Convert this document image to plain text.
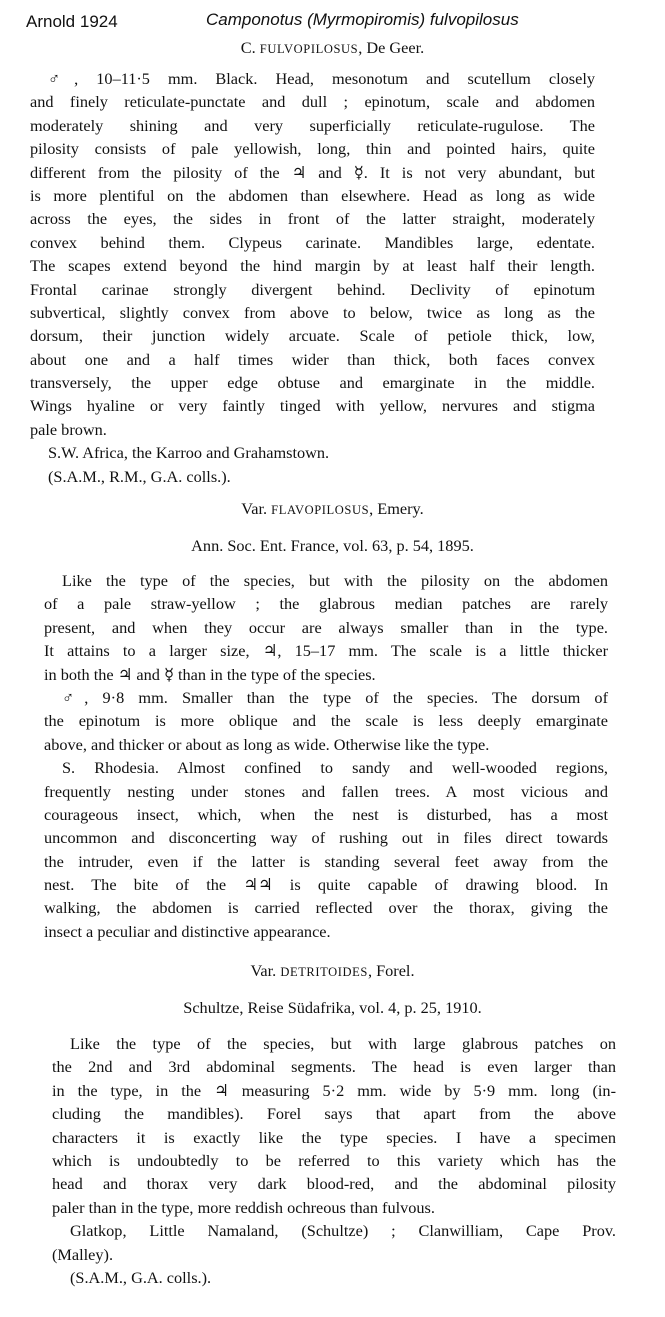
Arnold 1924	Camponotus (Myrmopiromis) fulvopilosus
C. FULVOPILOSUS, De Geer.
♂, 10–11·5 mm. Black. Head, mesonotum and scutellum closely
and finely reticulate-punctate and dull ; epinotum, scale and abdomen
moderately shining and very superficially reticulate-rugulose. The
pilosity consists of pale yellowish, long, thin and pointed hairs, quite
different from the pilosity of the ♃ and ☿. It is not very abundant, but
is more plentiful on the abdomen than elsewhere. Head as long as wide
across the eyes, the sides in front of the latter straight, moderately
convex behind them. Clypeus carinate. Mandibles large, edentate.
The scapes extend beyond the hind margin by at least half their length.
Frontal carinae strongly divergent behind. Declivity of epinotum
subvertical, slightly convex from above to below, twice as long as the
dorsum, their junction widely arcuate. Scale of petiole thick, low,
about one and a half times wider than thick, both faces convex
transversely, the upper edge obtuse and emarginate in the middle.
Wings hyaline or very faintly tinged with yellow, nervures and stigma
pale brown.
S.W. Africa, the Karroo and Grahamstown.
(S.A.M., R.M., G.A. colls.).
Var. FLAVOPILOSUS, Emery.
Ann. Soc. Ent. France, vol. 63, p. 54, 1895.
Like the type of the species, but with the pilosity on the abdomen
of a pale straw-yellow ; the glabrous median patches are rarely
present, and when they occur are always smaller than in the type.
It attains to a larger size, ♃, 15–17 mm. The scale is a little thicker
in both the ♃ and ☿ than in the type of the species.
♂, 9·8 mm. Smaller than the type of the species. The dorsum of
the epinotum is more oblique and the scale is less deeply emarginate
above, and thicker or about as long as wide. Otherwise like the type.
S. Rhodesia. Almost confined to sandy and well-wooded regions,
frequently nesting under stones and fallen trees. A most vicious and
courageous insect, which, when the nest is disturbed, has a most
uncommon and disconcerting way of rushing out in files direct towards
the intruder, even if the latter is standing several feet away from the
nest. The bite of the ♃♃ is quite capable of drawing blood. In
walking, the abdomen is carried reflected over the thorax, giving the
insect a peculiar and distinctive appearance.
Var. DETRITOIDES, Forel.
Schultze, Reise Südafrika, vol. 4, p. 25, 1910.
Like the type of the species, but with large glabrous patches on
the 2nd and 3rd abdominal segments. The head is even larger than
in the type, in the ♃ measuring 5·2 mm. wide by 5·9 mm. long (in-
cluding the mandibles). Forel says that apart from the above
characters it is exactly like the type species. I have a specimen
which is undoubtedly to be referred to this variety which has the
head and thorax very dark blood-red, and the abdominal pilosity
paler than in the type, more reddish ochreous than fulvous.
Glatkop, Little Namaland, (Schultze) ; Clanwilliam, Cape Prov.
(Malley).
(S.A.M., G.A. colls.).
